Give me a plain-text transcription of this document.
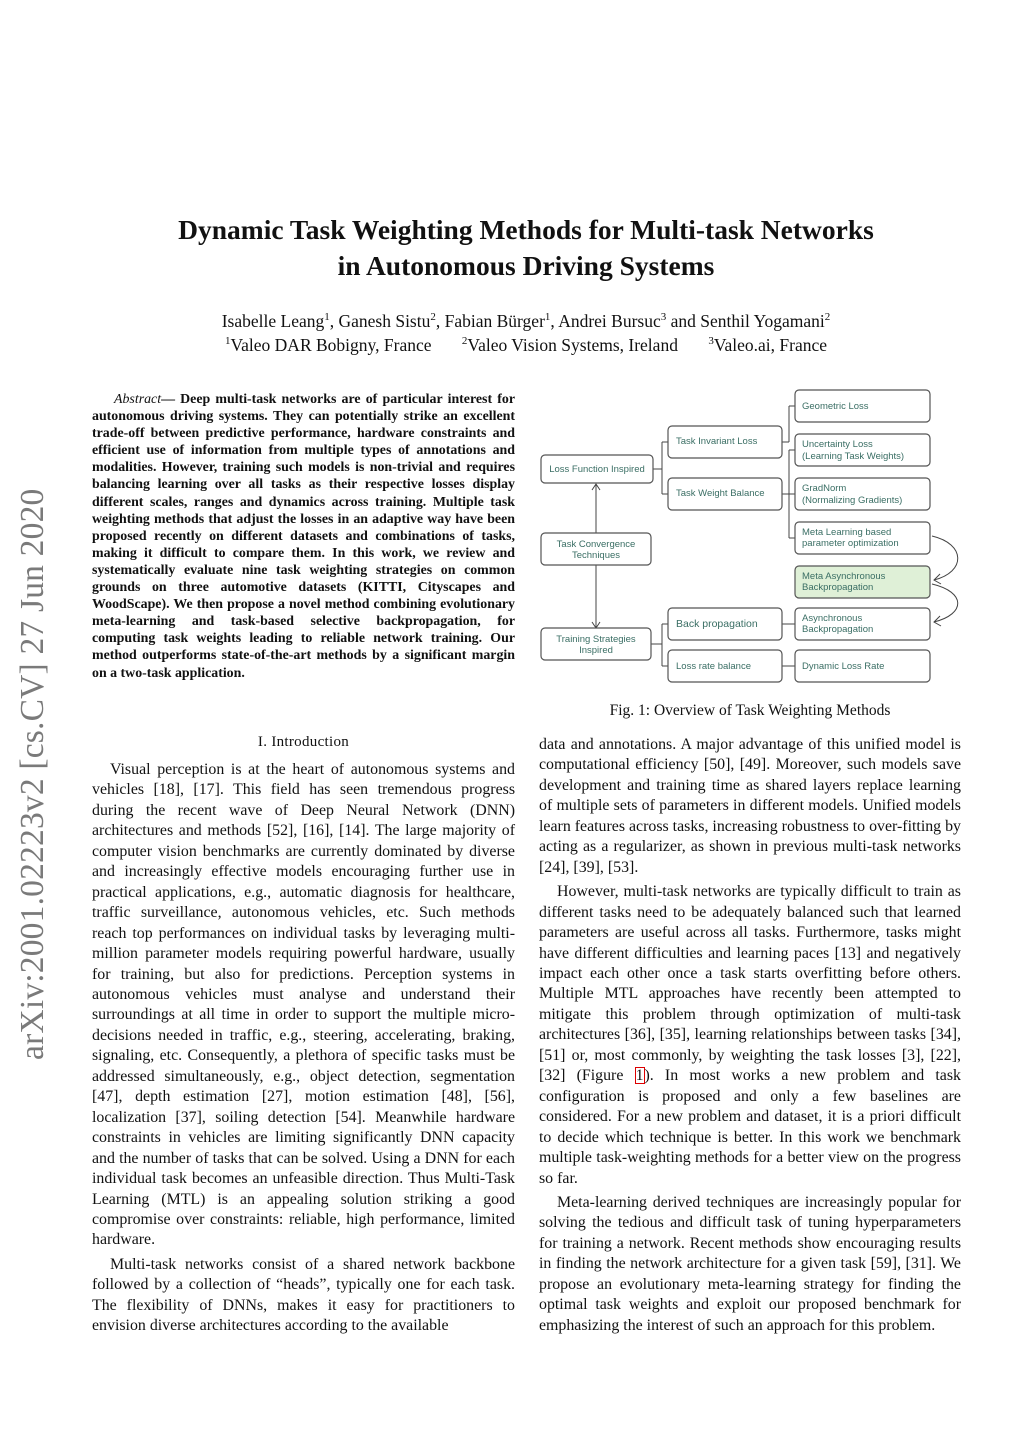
arXiv:2001.02223v2 [cs.CV] 27 Jun 2020
Dynamic Task Weighting Methods for Multi-task Networks
in Autonomous Driving Systems
Isabelle Leang$^1$, Ganesh Sistu$^2$, Fabian Bürger$^1$, Andrei Bursuc$^3$ and Senthil Yogamani$^2$
$^1$Valeo DAR Bobigny, France	$^2$Valeo Vision Systems, Ireland	$^3$Valeo.ai, France
Abstract— Deep multi-task networks are of particular interest for autonomous driving systems. They can potentially strike an excellent trade-off between predictive performance, hardware constraints and efficient use of information from multiple types of annotations and modalities. However, training such models is non-trivial and requires balancing learning over all tasks as their respective losses display different scales, ranges and dynamics across training. Multiple task weighting methods that adjust the losses in an adaptive way have been proposed recently on different datasets and combinations of tasks, making it difficult to compare them. In this work, we review and systematically evaluate nine task weighting strategies on common grounds on three automotive datasets (KITTI, Cityscapes and WoodScape). We then propose a novel method combining evolutionary meta-learning and task-based selective backpropagation, for computing task weights leading to reliable network training. Our method outperforms state-of-the-art methods by a significant margin on a two-task application.
I. Introduction

Visual perception is at the heart of autonomous systems and vehicles [18], [17]. This field has seen tremendous progress during the recent wave of Deep Neural Network (DNN) architectures and methods [52], [16], [14]. The large majority of computer vision benchmarks are currently dominated by diverse and increasingly effective models encouraging further use in practical applications, e.g., automatic diagnosis for healthcare, traffic surveillance, autonomous vehicles, etc. Such methods reach top performances on individual tasks by leveraging multi-million parameter models requiring powerful hardware, usually for training, but also for predictions. Perception systems in autonomous vehicles must analyse and understand their surroundings at all time in order to support the multiple micro-decisions needed in traffic, e.g., steering, accelerating, braking, signaling, etc. Consequently, a plethora of specific tasks must be addressed simultaneously, e.g., object detection, segmentation [47], depth estimation [27], motion estimation [48], [56], localization [37], soiling detection [54]. Meanwhile hardware constraints in vehicles are limiting significantly DNN capacity and the number of tasks that can be solved. Using a DNN for each individual task becomes an unfeasible direction. Thus Multi-Task Learning (MTL) is an appealing solution striking a good compromise over constraints: reliable, high performance, limited hardware.

Multi-task networks consist of a shared network backbone followed by a collection of “heads”, typically one for each task. The flexibility of DNNs, makes it easy for practitioners to envision diverse architectures according to the available

Loss Function Inspired
Task Convergence
Techniques
Training Strategies
Inspired
Task Invariant Loss
Task Weight Balance
Back propagation
Loss rate balance
Geometric Loss
Uncertainty Loss
(Learning Task Weights)
GradNorm
(Normalizing Gradients)
Meta Learning based
parameter optimization
Meta Asynchronous
Backpropagation
Asynchronous
Backpropagation
Dynamic Loss Rate
Fig. 1: Overview of Task Weighting Methods

data and annotations. A major advantage of this unified model is computational efficiency [50], [49]. Moreover, such models save development and training time as shared layers replace learning of multiple sets of parameters in different models. Unified models learn features across tasks, increasing robustness to over-fitting by acting as a regularizer, as shown in previous multi-task networks [24], [39], [53].

However, multi-task networks are typically difficult to train as different tasks need to be adequately balanced such that learned parameters are useful across all tasks. Furthermore, tasks might have different difficulties and learning paces [13] and negatively impact each other once a task starts overfitting before others. Multiple MTL approaches have recently been attempted to mitigate this problem through optimization of multi-task architectures [36], [35], learning relationships between tasks [34], [51] or, most commonly, by weighting the task losses [3], [22], [32] (Figure 1). In most works a new problem and task configuration is proposed and only a few baselines are considered. For a new problem and dataset, it is a priori difficult to decide which technique is better. In this work we benchmark multiple task-weighting methods for a better view on the progress so far.

Meta-learning derived techniques are increasingly popular for solving the tedious and difficult task of tuning hyperparameters for training a network. Recent methods show encouraging results in finding the network architecture for a given task [59], [31]. We propose an evolutionary meta-learning strategy for finding the optimal task weights and exploit our proposed benchmark for emphasizing the interest of such an approach for this problem.
